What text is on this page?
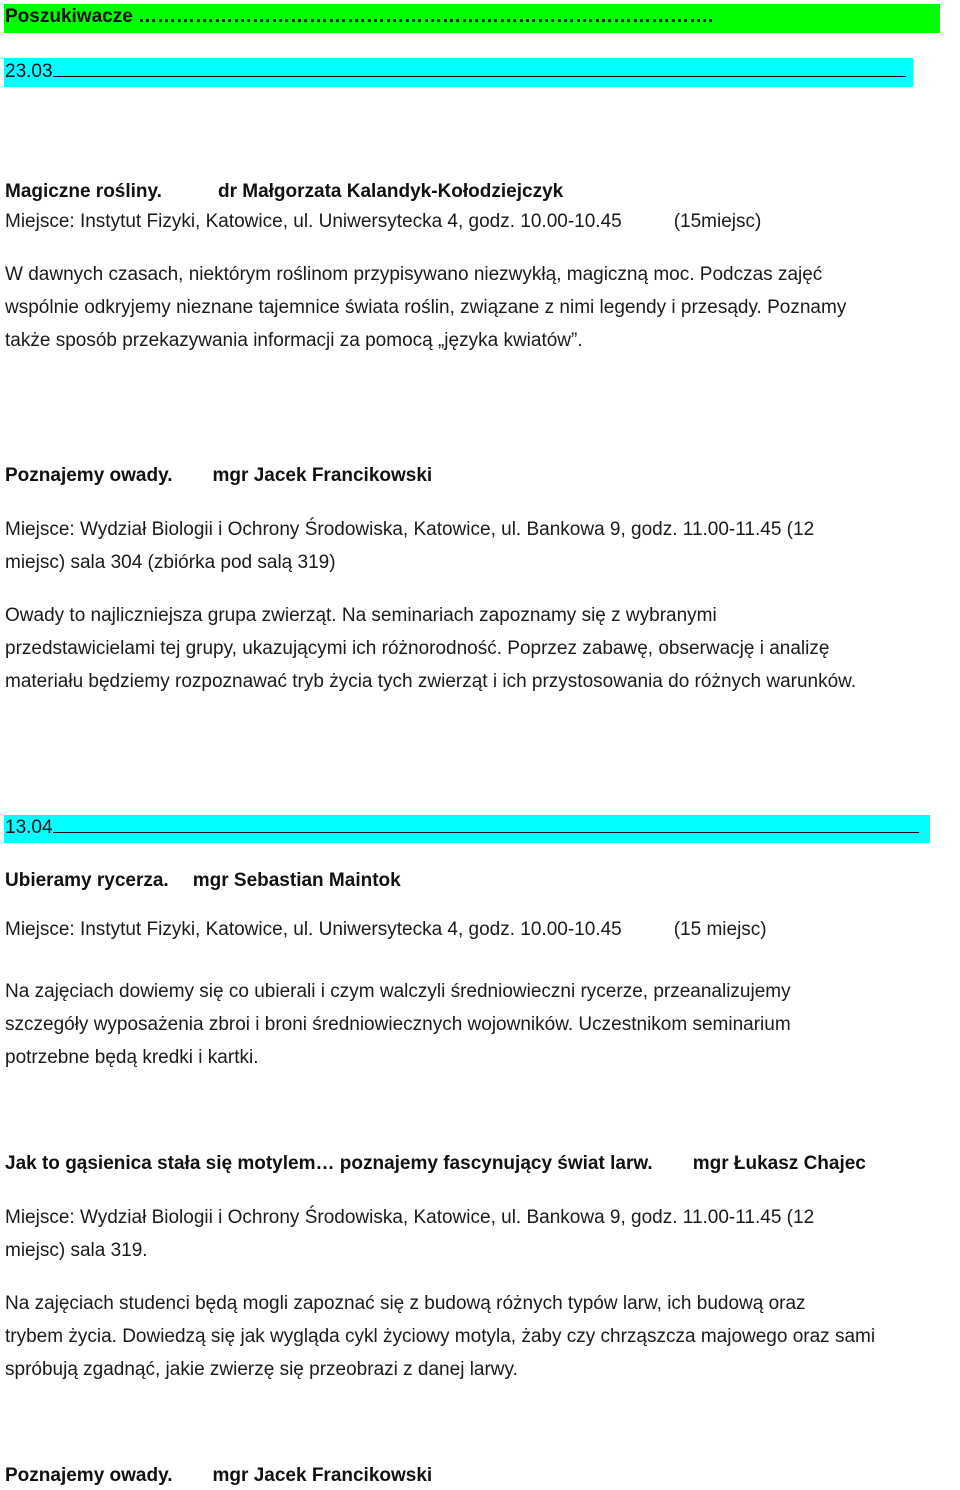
Poszukiwacze ……………………………………………………………………………….
23.03
Magiczne rośliny.	dr Małgorzata Kalandyk-Kołodziejczyk
Miejsce: Instytut Fizyki, Katowice, ul. Uniwersytecka 4, godz. 10.00-10.45	(15miejsc)
W dawnych czasach, niektórym roślinom przypisywano niezwykłą, magiczną moc. Podczas zajęć
wspólnie odkryjemy nieznane tajemnice świata roślin, związane z nimi legendy i przesądy. Poznamy
także sposób przekazywania informacji za pomocą „języka kwiatów”.
Poznajemy owady. mgr Jacek Francikowski
Miejsce: Wydział Biologii i Ochrony Środowiska, Katowice, ul. Bankowa 9, godz. 11.00-11.45 (12
miejsc) sala 304 (zbiórka pod salą 319)
Owady to najliczniejsza grupa zwierząt. Na seminariach zapoznamy się z wybranymi
przedstawicielami tej grupy, ukazującymi ich różnorodność. Poprzez zabawę, obserwację i analizę
materiału będziemy rozpoznawać tryb życia tych zwierząt i ich przystosowania do różnych warunków.
13.04
Ubieramy rycerza. mgr Sebastian Maintok
Miejsce: Instytut Fizyki, Katowice, ul. Uniwersytecka 4, godz. 10.00-10.45	(15 miejsc)
Na zajęciach dowiemy się co ubierali i czym walczyli średniowieczni rycerze, przeanalizujemy
szczegóły wyposażenia zbroi i broni średniowiecznych wojowników. Uczestnikom seminarium
potrzebne będą kredki i kartki.
Jak to gąsienica stała się motylem… poznajemy fascynujący świat larw. mgr Łukasz Chajec
Miejsce: Wydział Biologii i Ochrony Środowiska, Katowice, ul. Bankowa 9, godz. 11.00-11.45 (12
miejsc) sala 319.
Na zajęciach studenci będą mogli zapoznać się z budową różnych typów larw, ich budową oraz
trybem życia. Dowiedzą się jak wygląda cykl życiowy motyla, żaby czy chrząszcza majowego oraz sami
spróbują zgadnąć, jakie zwierzę się przeobrazi z danej larwy.
Poznajemy owady. mgr Jacek Francikowski
